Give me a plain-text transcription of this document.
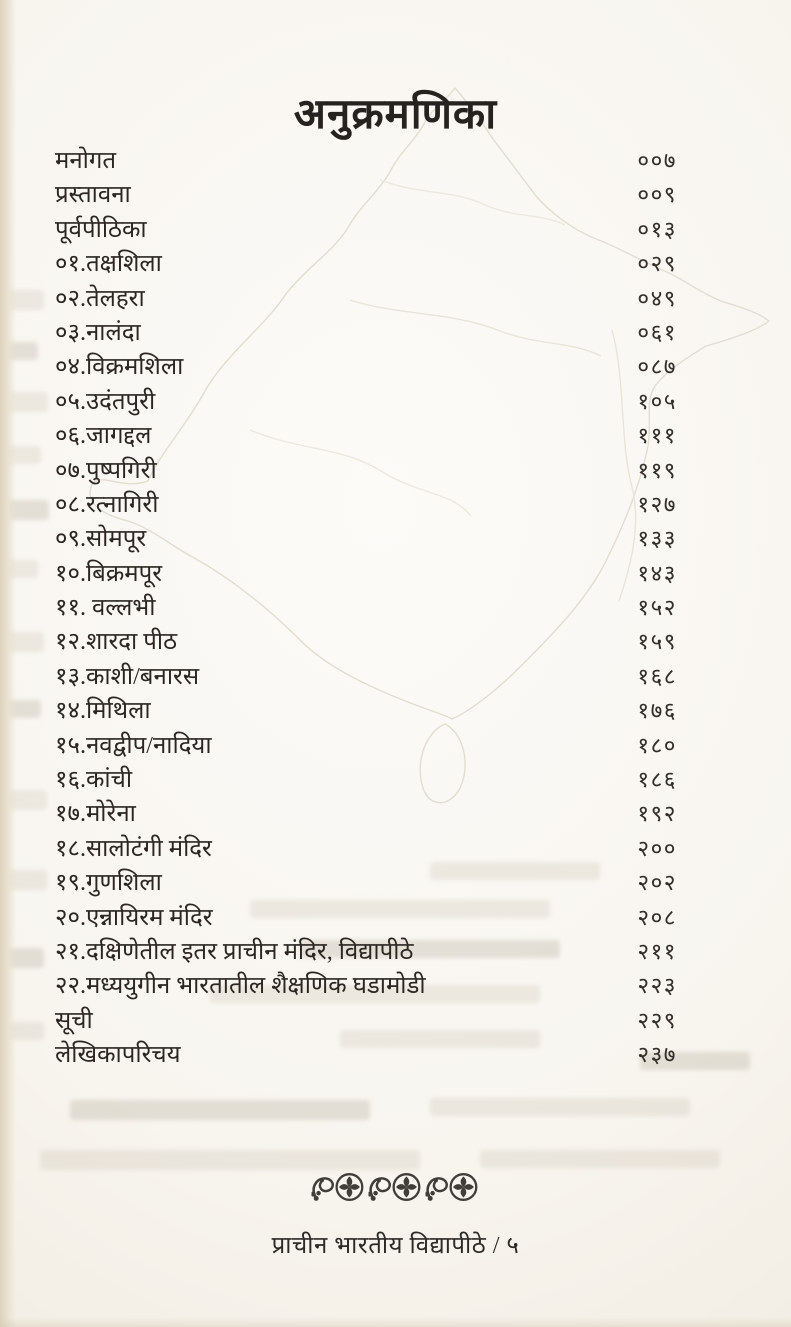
अनुक्रमणिका
मनोगत	००७
प्रस्तावना	००९
पूर्वपीठिका	०१३
०१.तक्षशिला	०२९
०२.तेलहरा	०४९
०३.नालंदा	०६१
०४.विक्रमशिला	०८७
०५.उदंतपुरी	१०५
०६.जागद्दल	१११
०७.पुष्पगिरी	११९
०८.रत्नागिरी	१२७
०९.सोमपूर	१३३
१०.बिक्रमपूर	१४३
११. वल्लभी	१५२
१२.शारदा पीठ	१५९
१३.काशी/बनारस	१६८
१४.मिथिला	१७६
१५.नवद्वीप/नादिया	१८०
१६.कांची	१८६
१७.मोरेना	१९२
१८.सालोटंगी मंदिर	२००
१९.गुणशिला	२०२
२०.एन्नायिरम मंदिर	२०८
२१.दक्षिणेतील इतर प्राचीन मंदिर, विद्यापीठे	२११
२२.मध्ययुगीन भारतातील शैक्षणिक घडामोडी	२२३
सूची	२२९
लेखिकापरिचय	२३७
प्राचीन भारतीय विद्यापीठे / ५
